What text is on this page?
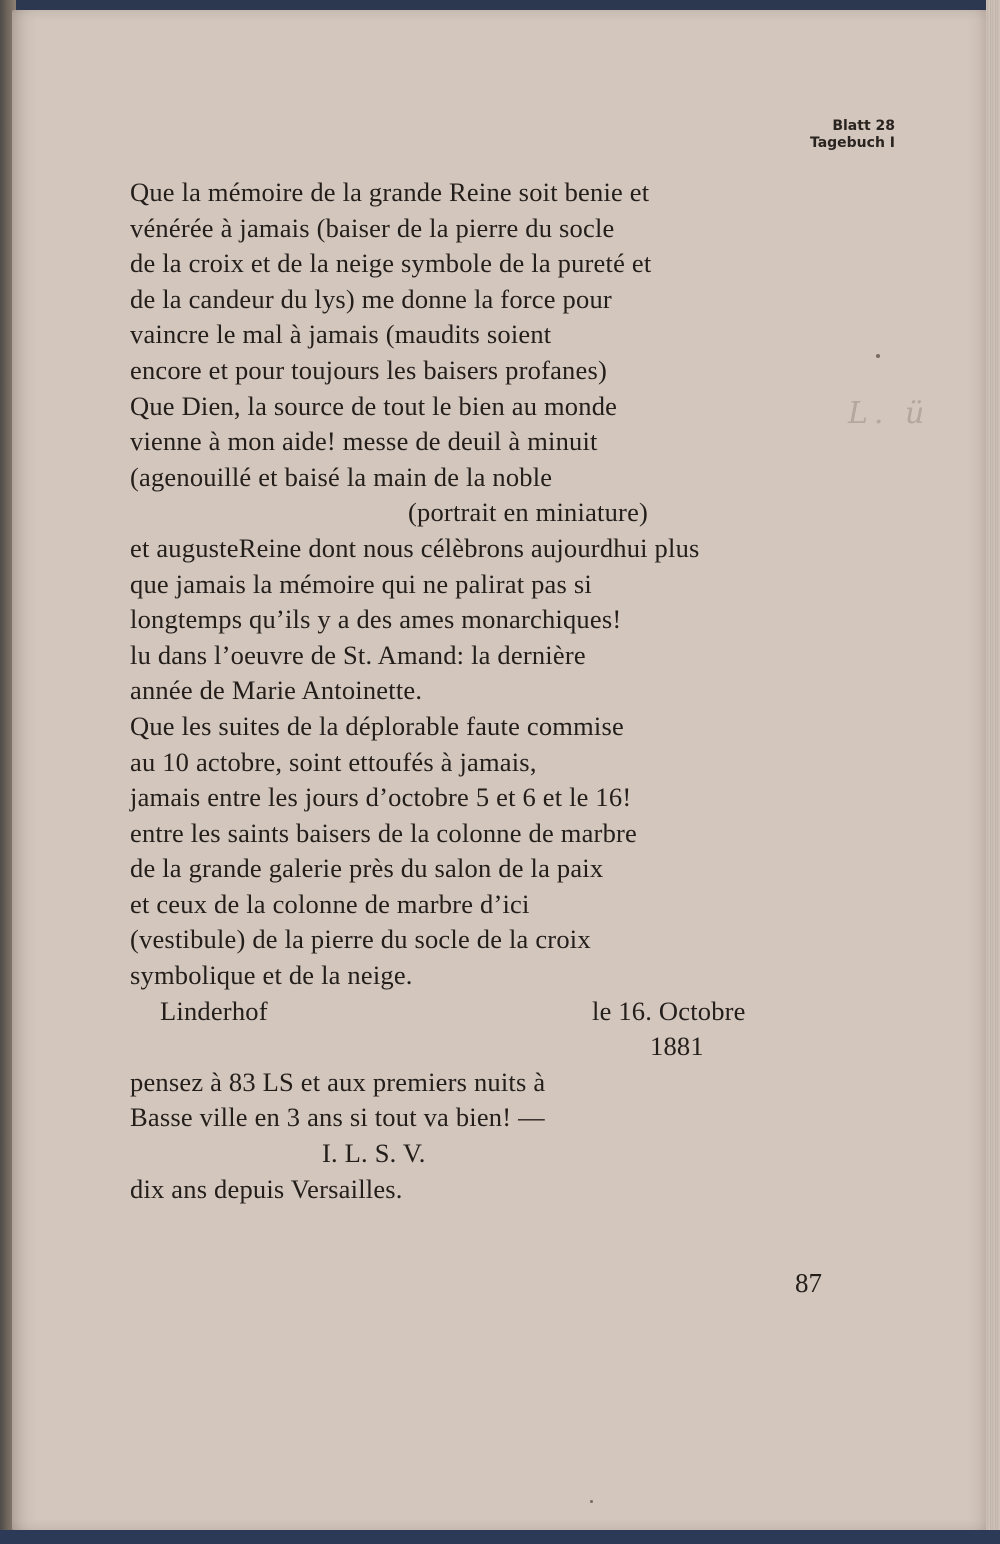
Blatt 28
Tagebuch I
L. ü
Que la mémoire de la grande Reine soit benie et
vénérée à jamais (baiser de la pierre du socle
de la croix et de la neige symbole de la pureté et
de la candeur du lys) me donne la force pour
vaincre le mal à jamais (maudits soient
encore et pour toujours les baisers profanes)
Que Dien, la source de tout le bien au monde
vienne à mon aide! messe de deuil à minuit
(agenouillé et baisé la main de la noble
(portrait en miniature)
et augusteReine dont nous célèbrons aujourdhui plus
que jamais la mémoire qui ne palirat pas si
longtemps qu’ils y a des ames monarchiques!
lu dans l’oeuvre de St. Amand: la dernière
année de Marie Antoinette.
Que les suites de la déplorable faute commise
au 10 actobre, soint ettoufés à jamais,
jamais entre les jours d’octobre 5 et 6 et le 16!
entre les saints baisers de la colonne de marbre
de la grande galerie près du salon de la paix
et ceux de la colonne de marbre d’ici
(vestibule) de la pierre du socle de la croix
symbolique et de la neige.
Linderhof	le 16. Octobre
1881
pensez à 83 LS et aux premiers nuits à
Basse ville en 3 ans si tout va bien! —
I. L. S. V.
dix ans depuis Versailles.
87
